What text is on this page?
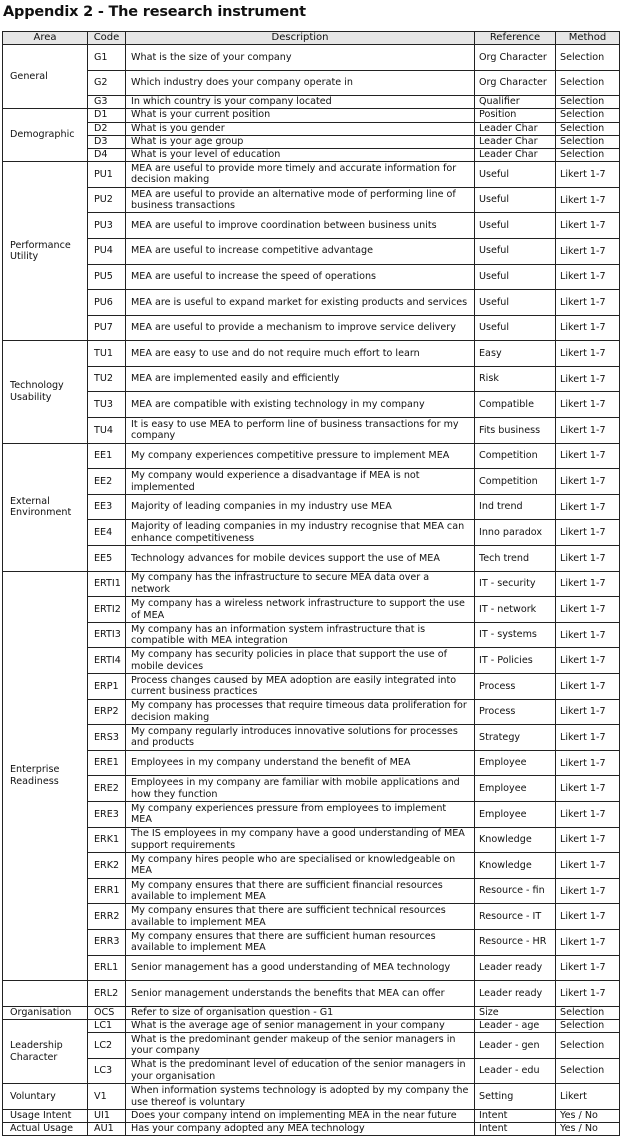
Appendix 2 - The research instrument
Area	Code	Description	Reference	Method
General	G1	What is the size of your company	Org Character	Selection
	G2	Which industry does your company operate in	Org Character	Selection
	G3	In which country is your company located	Qualifier	Selection
Demographic	D1	What is your current position	Position	Selection
	D2	What is you gender	Leader Char	Selection
	D3	What is your age group	Leader Char	Selection
	D4	What is your level of education	Leader Char	Selection
Performance Utility	PU1	MEA are useful to provide more timely and accurate information for decision making	Useful	Likert 1-7
	PU2	MEA are useful to provide an alternative mode of performing line of business transactions	Useful	Likert 1-7
	PU3	MEA are useful to improve coordination between business units	Useful	Likert 1-7
	PU4	MEA are useful to increase competitive advantage	Useful	Likert 1-7
	PU5	MEA are useful to increase the speed of operations	Useful	Likert 1-7
	PU6	MEA are is useful to expand market for existing products and services	Useful	Likert 1-7
	PU7	MEA are useful to provide a mechanism to improve service delivery	Useful	Likert 1-7
Technology Usability	TU1	MEA are easy to use and do not require much effort to learn	Easy	Likert 1-7
	TU2	MEA are implemented easily and efficiently	Risk	Likert 1-7
	TU3	MEA are compatible with existing technology in my company	Compatible	Likert 1-7
	TU4	It is easy to use MEA to perform line of business transactions for my company	Fits business	Likert 1-7
External Environment	EE1	My company experiences competitive pressure to implement MEA	Competition	Likert 1-7
	EE2	My company would experience a disadvantage if MEA is not implemented	Competition	Likert 1-7
	EE3	Majority of leading companies in my industry use MEA	Ind trend	Likert 1-7
	EE4	Majority of leading companies in my industry recognise that MEA can enhance competitiveness	Inno paradox	Likert 1-7
	EE5	Technology advances for mobile devices support the use of MEA	Tech trend	Likert 1-7
Enterprise Readiness	ERTI1	My company has the infrastructure to secure MEA data over a network	IT - security	Likert 1-7
	ERTI2	My company has a wireless network infrastructure to support the use of MEA	IT - network	Likert 1-7
	ERTI3	My company has an information system infrastructure that is compatible with MEA integration	IT - systems	Likert 1-7
	ERTI4	My company has security policies in place that support the use of mobile devices	IT - Policies	Likert 1-7
	ERP1	Process changes caused by MEA adoption are easily integrated into current business practices	Process	Likert 1-7
	ERP2	My company has processes that require timeous data proliferation for decision making	Process	Likert 1-7
	ERS3	My company regularly introduces innovative solutions for processes and products	Strategy	Likert 1-7
	ERE1	Employees in my company understand the benefit of MEA	Employee	Likert 1-7
	ERE2	Employees in my company are familiar with mobile applications and how they function	Employee	Likert 1-7
	ERE3	My company experiences pressure from employees to implement MEA	Employee	Likert 1-7
	ERK1	The IS employees in my company have a good understanding of MEA support requirements	Knowledge	Likert 1-7
	ERK2	My company hires people who are specialised or knowledgeable on MEA	Knowledge	Likert 1-7
	ERR1	My company ensures that there are sufficient financial resources available to implement MEA	Resource - fin	Likert 1-7
	ERR2	My company ensures that there are sufficient technical resources available to implement MEA	Resource - IT	Likert 1-7
	ERR3	My company ensures that there are sufficient human resources available to implement MEA	Resource - HR	Likert 1-7
	ERL1	Senior management has a good understanding of MEA technology	Leader ready	Likert 1-7
	ERL2	Senior management understands the benefits that MEA can offer	Leader ready	Likert 1-7
Organisation	OCS	Refer to size of organisation question - G1	Size	Selection
Leadership Character	LC1	What is the average age of senior management in your company	Leader - age	Selection
	LC2	What is the predominant gender makeup of the senior managers in your company	Leader - gen	Selection
	LC3	What is the predominant level of education of the senior managers in your organisation	Leader - edu	Selection
Voluntary	V1	When information systems technology is adopted by my company the use thereof is voluntary	Setting	Likert
Usage Intent	UI1	Does your company intend on implementing MEA in the near future	Intent	Yes / No
Actual Usage	AU1	Has your company adopted any MEA technology	Intent	Yes / No
